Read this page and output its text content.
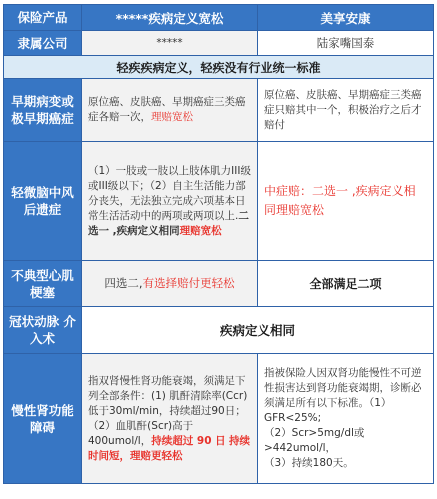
保险产品	*****疾病定义宽松	美享安康
隶属公司	*****	陆家嘴国泰
轻疾疾病定义，轻疾没有行业统一标准		
早期病变或极早期癌症	原位癌、皮肤癌、早期癌症三类癌症各赔一次，理赔宽松	原位癌、皮肤癌、早期癌症三类癌症只赔其中一个，积极治疗之后才赔付
轻微脑中风后遗症	（1）一肢或一肢以上肢体肌力III级或III级以下；（2）自主生活能力部分丧失，无法独立完成六项基本日常生活活动中的两项或两项以上.二选一 ,疾病定义相同理赔宽松	中症赔：二选一 ,疾病定义相同理赔宽松
不典型心肌梗塞	四选二,有选择赔付更轻松	全部满足二项
冠状动脉 介入术	疾病定义相同	
慢性肾功能障碍	指双肾慢性肾功能衰竭，须满足下列全部条件：(1) 肌酐清除率(Ccr)低于30ml/min，持续超过90日；（2）血肌酐(Scr)高于400umol/l，持续超过 90 日 持续时间短，理赔更轻松	指被保险人因双肾功能慢性不可逆性损害达到肾功能衰竭期，诊断必须满足所有以下标准。（1）GFR<25%;
（2）Scr>5mg/dl或>442umol/l，
（3）持续180天。
